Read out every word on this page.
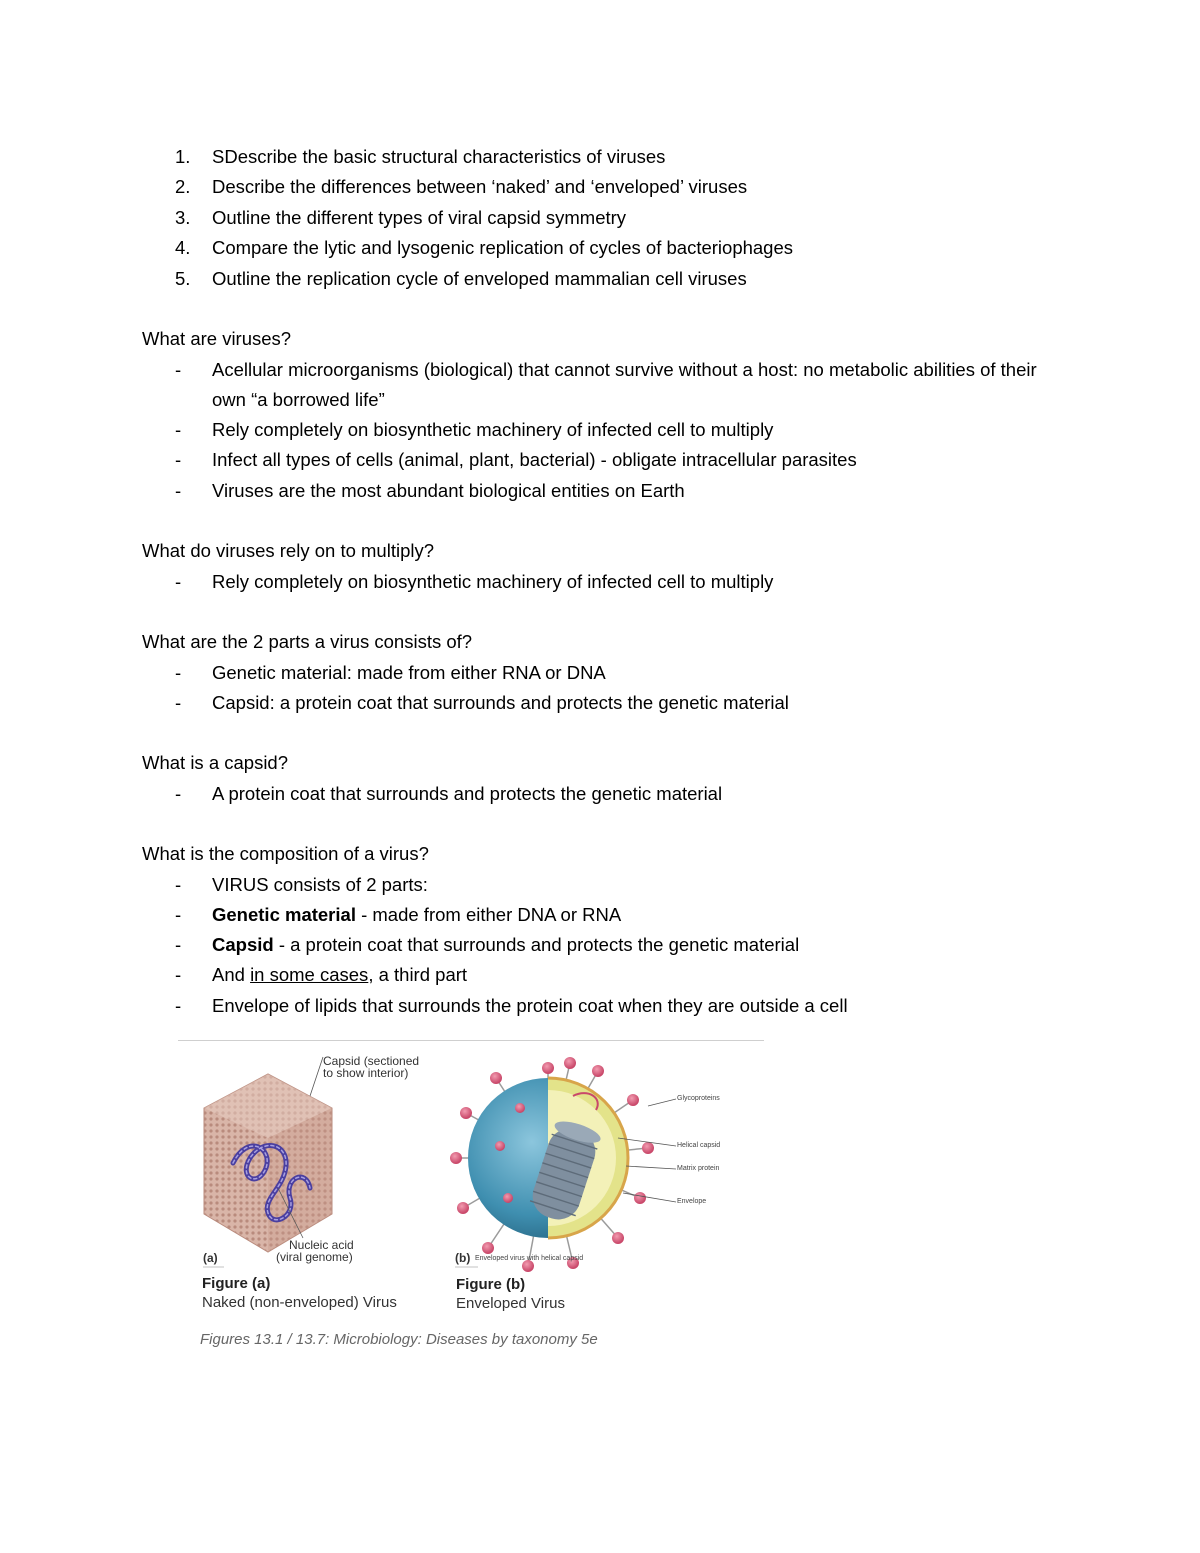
1.	SDescribe the basic structural characteristics of viruses
2.	Describe the differences between ‘naked’ and ‘enveloped’ viruses
3.	Outline the different types of viral capsid symmetry
4.	Compare the lytic and lysogenic replication of cycles of bacteriophages
5.	Outline the replication cycle of enveloped mammalian cell viruses
What are viruses?
- Acellular microorganisms (biological) that cannot survive without a host: no metabolic abilities of their own “a borrowed life”
- Rely completely on biosynthetic machinery of infected cell to multiply
- Infect all types of cells (animal, plant, bacterial) - obligate intracellular parasites
- Viruses are the most abundant biological entities on Earth
What do viruses rely on to multiply?
- Rely completely on biosynthetic machinery of infected cell to multiply
What are the 2 parts a virus consists of?
- Genetic material: made from either RNA or DNA
- Capsid: a protein coat that surrounds and protects the genetic material
What is a capsid?
- A protein coat that surrounds and protects the genetic material
What is the composition of a virus?
- VIRUS consists of 2 parts:
- Genetic material - made from either DNA or RNA
- Capsid - a protein coat that surrounds and protects the genetic material
- And in some cases, a third part
- Envelope of lipids that surrounds the protein coat when they are outside a cell
Capsid (sectioned
to show interior)
Nucleic acid
(viral genome)
(a)
Figure (a)
Naked (non-enveloped) Virus
Glycoproteins
Helical capsid
Matrix protein
Envelope
(b) Enveloped virus with helical capsid
Figure (b)
Enveloped Virus
Figures 13.1 / 13.7: Microbiology: Diseases by taxonomy 5e
